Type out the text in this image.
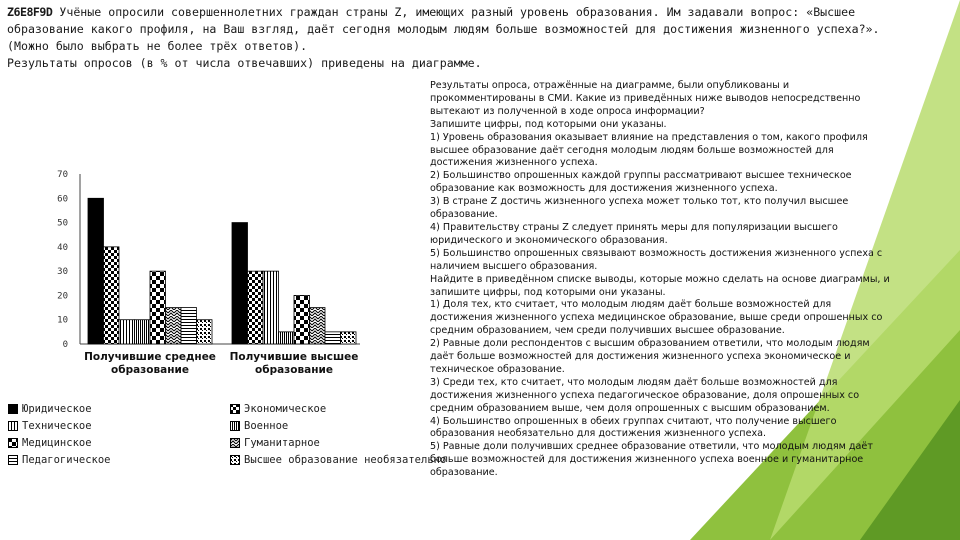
Z6E8F9D Учёные опросили совершеннолетних граждан страны Z, имеющих разный уровень образования. Им задавали вопрос: «Высшее образование какого профиля, на Ваш взгляд, даёт сегодня молодым людям больше возможностей для достижения жизненного успеха?». (Можно было выбрать не более трёх ответов).
Результаты опросов (в % от числа отвечавших) приведены на диаграмме.
70
60
50
40
30
20
10
0
Получившие среднее
образование
Получившие высшее
образование
Юридическое	Экономическое
Техническое	Военное
Медицинское	Гуманитарное
Педагогическое	Высшее образование необязательно
Результаты опроса, отражённые на диаграмме, были опубликованы и
прокомментированы в СМИ. Какие из приведённых ниже выводов непосредственно
вытекают из полученной в ходе опроса информации?
Запишите цифры, под которыми они указаны.
1) Уровень образования оказывает влияние на представления о том, какого профиля
высшее образование даёт сегодня молодым людям больше возможностей для
достижения жизненного успеха.
2) Большинство опрошенных каждой группы рассматривают высшее техническое
образование как возможность для достижения жизненного успеха.
3) В стране Z достичь жизненного успеха может только тот, кто получил высшее
образование.
4) Правительству страны Z следует принять меры для популяризации высшего
юридического и экономического образования.
5) Большинство опрошенных связывают возможность достижения жизненного успеха с
наличием высшего образования.
Найдите в приведённом списке выводы, которые можно сделать на основе диаграммы, и
запишите цифры, под которыми они указаны.
1) Доля тех, кто считает, что молодым людям даёт больше возможностей для
достижения жизненного успеха медицинское образование, выше среди опрошенных со
средним образованием, чем среди получивших высшее образование.
2) Равные доли респондентов с высшим образованием ответили, что молодым людям
даёт больше возможностей для достижения жизненного успеха экономическое и
техническое образование.
3) Среди тех, кто считает, что молодым людям даёт больше возможностей для
достижения жизненного успеха педагогическое образование, доля опрошенных со
средним образованием выше, чем доля опрошенных с высшим образованием.
4) Большинство опрошенных в обеих группах считают, что получение высшего
образования необязательно для достижения жизненного успеха.
5) Равные доли получивших среднее образование ответили, что молодым людям даёт
больше возможностей для достижения жизненного успеха военное и гуманитарное
образование.
